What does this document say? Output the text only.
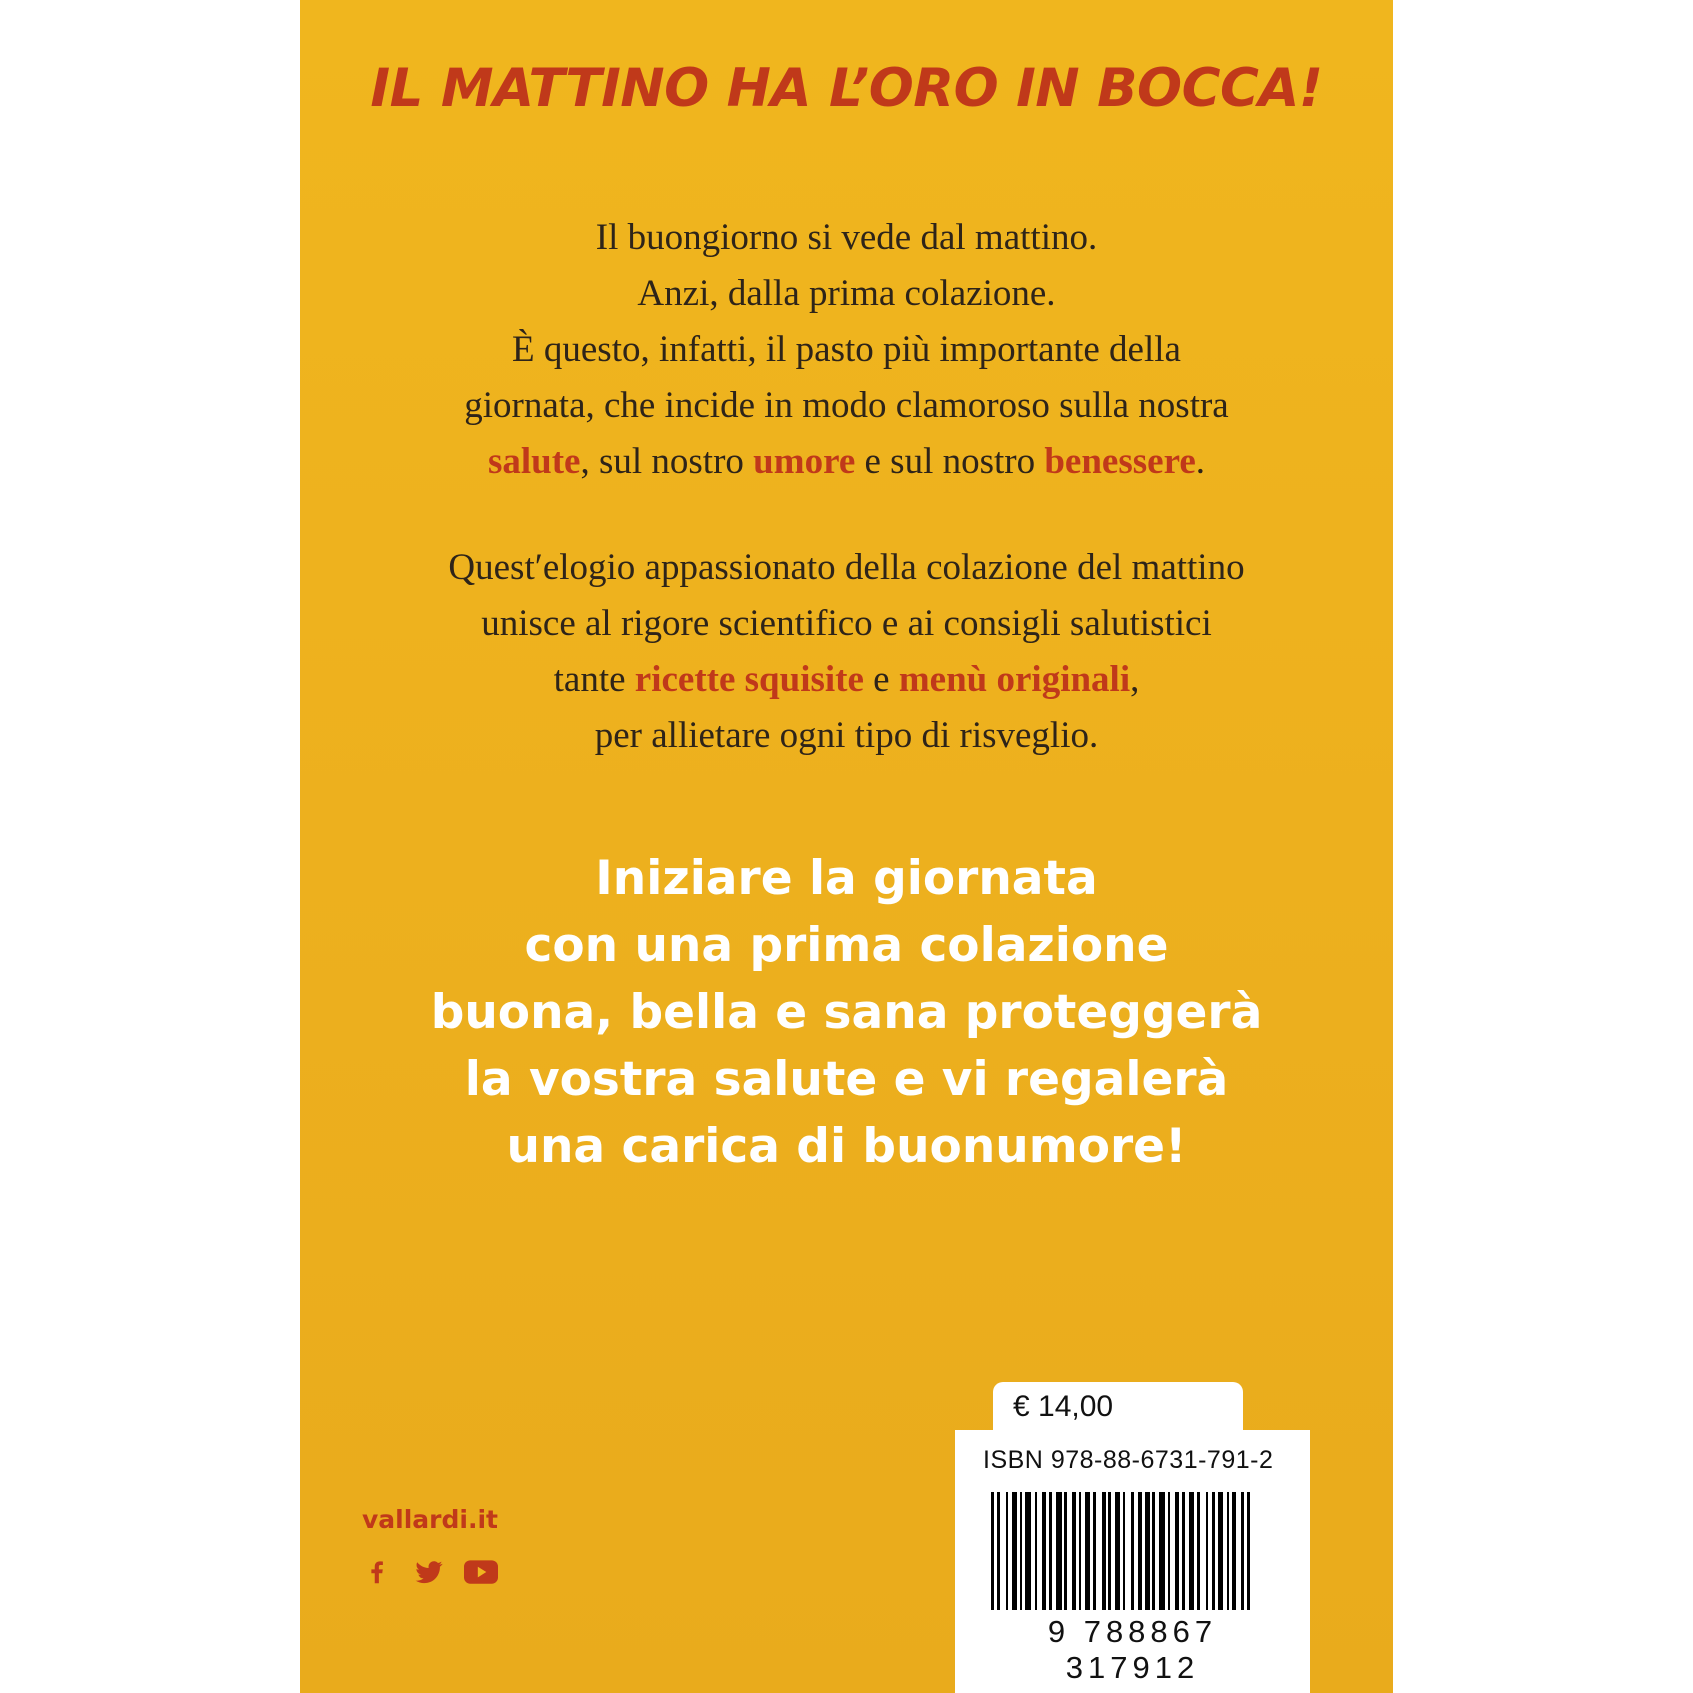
IL MATTINO HA L’ORO IN BOCCA!
Il buongiorno si vede dal mattino.
Anzi, dalla prima colazione.
È questo, infatti, il pasto più importante della
giornata, che incide in modo clamoroso sulla nostra
salute, sul nostro umore e sul nostro benessere.
Quest′elogio appassionato della colazione del mattino
unisce al rigore scientifico e ai consigli salutistici
tante ricette squisite e menù originali,
per allietare ogni tipo di risveglio.
Iniziare la giornata
con una prima colazione
buona, bella e sana proteggerà
la vostra salute e vi regalerà
una carica di buonumore!
vallardi.it
€ 14,00
ISBN 978-88-6731-791-2
9 788867 317912
